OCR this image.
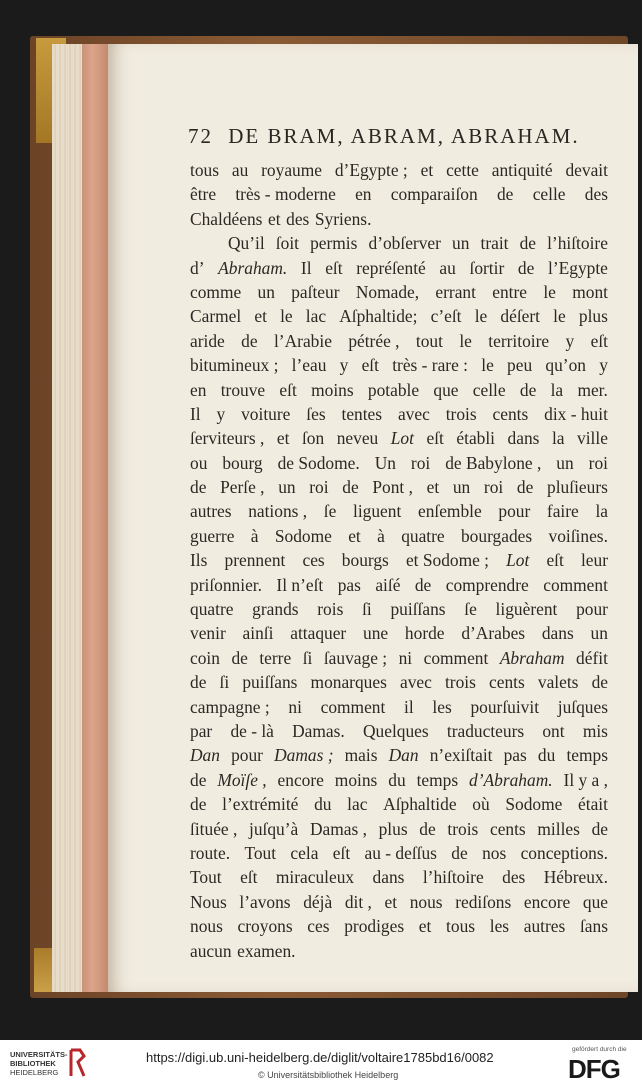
72 DE BRAM, ABRAM, ABRAHAM.
tous au royaume d’Egypte ; et cette antiquité devait
être très - moderne en comparaiſon de celle des
Chaldéens et des Syriens.
Qu’il ſoit permis d’obſerver un trait de l’hiſtoire
d’ Abraham. Il eſt repréſenté au ſortir de l’Egypte
comme un paſteur Nomade, errant entre le mont
Carmel et le lac Aſphaltide; c’eſt le déſert le plus
aride de l’Arabie pétrée , tout le territoire y eſt
bitumineux ; l’eau y eſt très - rare : le peu qu’on y
en trouve eſt moins potable que celle de la mer.
Il y voiture ſes tentes avec trois cents dix - huit
ſerviteurs , et ſon neveu Lot eſt établi dans la ville
ou bourg de Sodome. Un roi de Babylone , un roi
de Perſe , un roi de Pont , et un roi de pluſieurs
autres nations , ſe liguent enſemble pour faire la
guerre à Sodome et à quatre bourgades voiſines.
Ils prennent ces bourgs et Sodome ; Lot eſt leur
priſonnier. Il n’eſt pas aiſé de comprendre comment
quatre grands rois ſi puiſſans ſe liguèrent pour
venir ainſi attaquer une horde d’Arabes dans un
coin de terre ſi ſauvage ; ni comment Abraham défit
de ſi puiſſans monarques avec trois cents valets de
campagne ; ni comment il les pourſuivit juſques
par de - là Damas. Quelques traducteurs ont mis
Dan pour Damas ; mais Dan n’exiſtait pas du temps
de Moïſe , encore moins du temps d’Abraham. Il y a ,
de l’extrémité du lac Aſphaltide où Sodome était
ſituée , juſqu’à Damas , plus de trois cents milles de
route. Tout cela eſt au - deſſus de nos conceptions.
Tout eſt miraculeux dans l’hiſtoire des Hébreux.
Nous l’avons déjà dit , et nous rediſons encore que
nous croyons ces prodiges et tous les autres ſans
aucun examen.
UNIVERSITÄTS-
BIBLIOTHEK
HEIDELBERG
https://digi.ub.uni-heidelberg.de/diglit/voltaire1785bd16/0082
© Universitätsbibliothek Heidelberg
gefördert durch die
DFG
